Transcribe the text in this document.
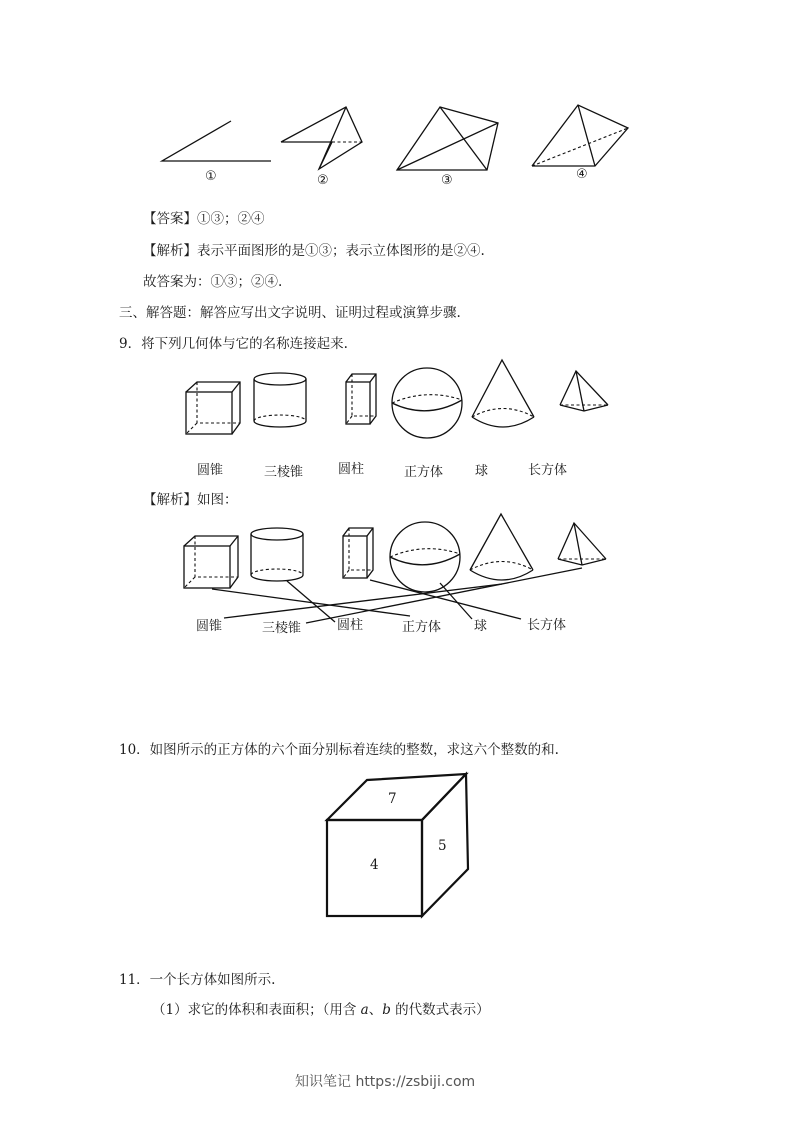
①	②	③	④
【答案】①③；②④
【解析】表示平面图形的是①③；表示立体图形的是②④.
故答案为：①③；②④.
三、解答题：解答应写出文字说明、证明过程或演算步骤.
9．将下列几何体与它的名称连接起来.
圆锥	三棱锥	圆柱	正方体 球	长方体
【解析】如图：
圆锥	三棱锥	圆柱	正方体	球	长方体
10．如图所示的正方体的六个面分别标着连续的整数，求这六个整数的和.
7
4
5
11．一个长方体如图所示.
（1）求它的体积和表面积；（用含 a、b 的代数式表示）
知识笔记 https://zsbiji.com
